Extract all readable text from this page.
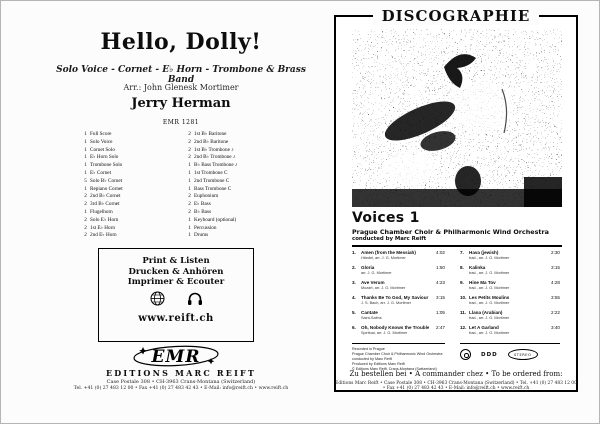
Hello, Dolly!
Solo Voice - Cornet - E♭ Horn - Trombone & Brass Band
Arr.: John Glenesk Mortimer
Jerry Herman
EMR 1281
1 Full Score
1 Solo Voice
1 Cornet Solo
1 E♭ Horn Solo
1 Trombone Solo
1 E♭ Cornet
5 Solo B♭ Cornet
1 Repiano Cornet
2 2nd B♭ Cornet
2 3rd B♭ Cornet
1 Flugelhorn
2 Solo E♭ Horn
2 1st E♭ Horn
2 2nd E♭ Horn
2 1st B♭ Baritone
2 2nd B♭ Baritone
2 1st B♭ Trombone ♪
2 2nd B♭ Trombone ♪
1 B♭ Bass Trombone ♪
1 1st Trombone C
1 2nd Trombone C
1 Bass Trombone C
2 Euphonium
2 E♭ Bass
2 B♭ Bass
1 Keyboard (optional)
1 Percussion
1 Drums
Print & Listen
Drucken & Anhören
Imprimer & Ecouter
www.reift.ch
EMR
EDITIONS MARC REIFT
Case Postale 308 • CH-3963 Crans-Montana (Switzerland)
Tel. +41 (0) 27 483 12 00 • Fax +41 (0) 27 483 42 43 • E-Mail: info@reift.ch • www.reift.ch
DISCOGRAPHIE
Voices 1
Prague Chamber Choir & Philharmonic Wind Orchestra
conducted by Marc Reift
1. Amen (from the Messiah)
Händel, arr. J. G. Mortimer
4:02
2. Gloria
arr. J. G. Mortimer
1:50
3. Ave Verum
Mozart, arr. J. G. Mortimer
4:23
4. Thanks Be To God, My Saviour
J. S. Bach, arr. J. G. Mortimer
3:15
5. Cantate
Saint-Saëns
1:05
6. Oh, Nobody Knows the Trouble
Spiritual, arr. J. G. Mortimer
2:47
7. Hava (jewish)
trad., arr. J. G. Mortimer
2:30
8. Kalinka
trad., arr. J. G. Mortimer
3:15
9. Hine Ma Tov
trad., arr. J. G. Mortimer
4:28
10. Les Petits Moulins
trad., arr. J. G. Mortimer
3:55
11. Llana (Arabian)
trad., arr. J. G. Mortimer
2:22
12. Let A Garland
trad., arr. J. G. Mortimer
3:40
Recorded in Prague
Prague Chamber Choir & Philharmonic Wind Orchestra
conducted by Marc Reift
Produced by Editions Marc Reift
© Editions Marc Reift, Crans-Montana (Switzerland)
DDD	STEREO
Zu bestellen bei • A commander chez • To be ordered from:
Editions Marc Reift • Case Postale 308 • CH-3963 Crans-Montana (Switzerland) • Tel. +41 (0) 27 483 12 00 • Fax +41 (0) 27 483 42 43 • E-Mail: info@reift.ch • www.reift.ch
